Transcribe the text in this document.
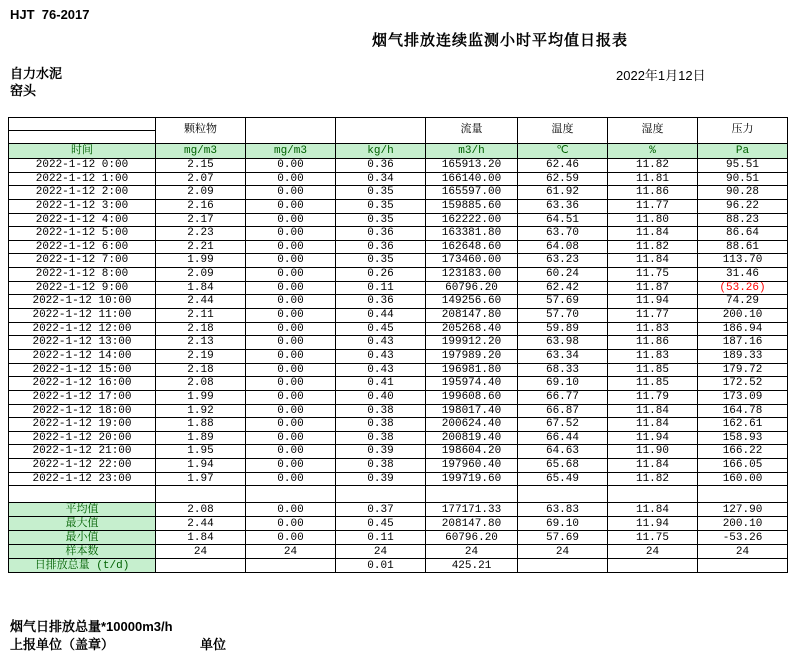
HJT  76-2017
烟气排放连续监测小时平均值日报表
自力水泥
窑头
2022年1月12日
	颗粒物			流量	温度	湿度	压力

时间	mg/m3	mg/m3	kg/h	m3/h	℃	%	Pa
2022-1-12 0:00	2.15	0.00	0.36	165913.20	62.46	11.82	95.51
2022-1-12 1:00	2.07	0.00	0.34	166140.00	62.59	11.81	90.51
2022-1-12 2:00	2.09	0.00	0.35	165597.00	61.92	11.86	90.28
2022-1-12 3:00	2.16	0.00	0.35	159885.60	63.36	11.77	96.22
2022-1-12 4:00	2.17	0.00	0.35	162222.00	64.51	11.80	88.23
2022-1-12 5:00	2.23	0.00	0.36	163381.80	63.70	11.84	86.64
2022-1-12 6:00	2.21	0.00	0.36	162648.60	64.08	11.82	88.61
2022-1-12 7:00	1.99	0.00	0.35	173460.00	63.23	11.84	113.70
2022-1-12 8:00	2.09	0.00	0.26	123183.00	60.24	11.75	31.46
2022-1-12 9:00	1.84	0.00	0.11	60796.20	62.42	11.87	(53.26)
2022-1-12 10:00	2.44	0.00	0.36	149256.60	57.69	11.94	74.29
2022-1-12 11:00	2.11	0.00	0.44	208147.80	57.70	11.77	200.10
2022-1-12 12:00	2.18	0.00	0.45	205268.40	59.89	11.83	186.94
2022-1-12 13:00	2.13	0.00	0.43	199912.20	63.98	11.86	187.16
2022-1-12 14:00	2.19	0.00	0.43	197989.20	63.34	11.83	189.33
2022-1-12 15:00	2.18	0.00	0.43	196981.80	68.33	11.85	179.72
2022-1-12 16:00	2.08	0.00	0.41	195974.40	69.10	11.85	172.52
2022-1-12 17:00	1.99	0.00	0.40	199608.60	66.77	11.79	173.09
2022-1-12 18:00	1.92	0.00	0.38	198017.40	66.87	11.84	164.78
2022-1-12 19:00	1.88	0.00	0.38	200624.40	67.52	11.84	162.61
2022-1-12 20:00	1.89	0.00	0.38	200819.40	66.44	11.94	158.93
2022-1-12 21:00	1.95	0.00	0.39	198604.20	64.63	11.90	166.22
2022-1-12 22:00	1.94	0.00	0.38	197960.40	65.68	11.84	166.05
2022-1-12 23:00	1.97	0.00	0.39	199719.60	65.49	11.82	160.00

平均值	2.08	0.00	0.37	177171.33	63.83	11.84	127.90
最大值	2.44	0.00	0.45	208147.80	69.10	11.94	200.10
最小值	1.84	0.00	0.11	60796.20	57.69	11.75	-53.26
样本数	24	24	24	24	24	24	24
日排放总量 (t/d)			0.01	425.21			
烟气日排放总量*10000m3/h
上报单位（盖章）	单位
